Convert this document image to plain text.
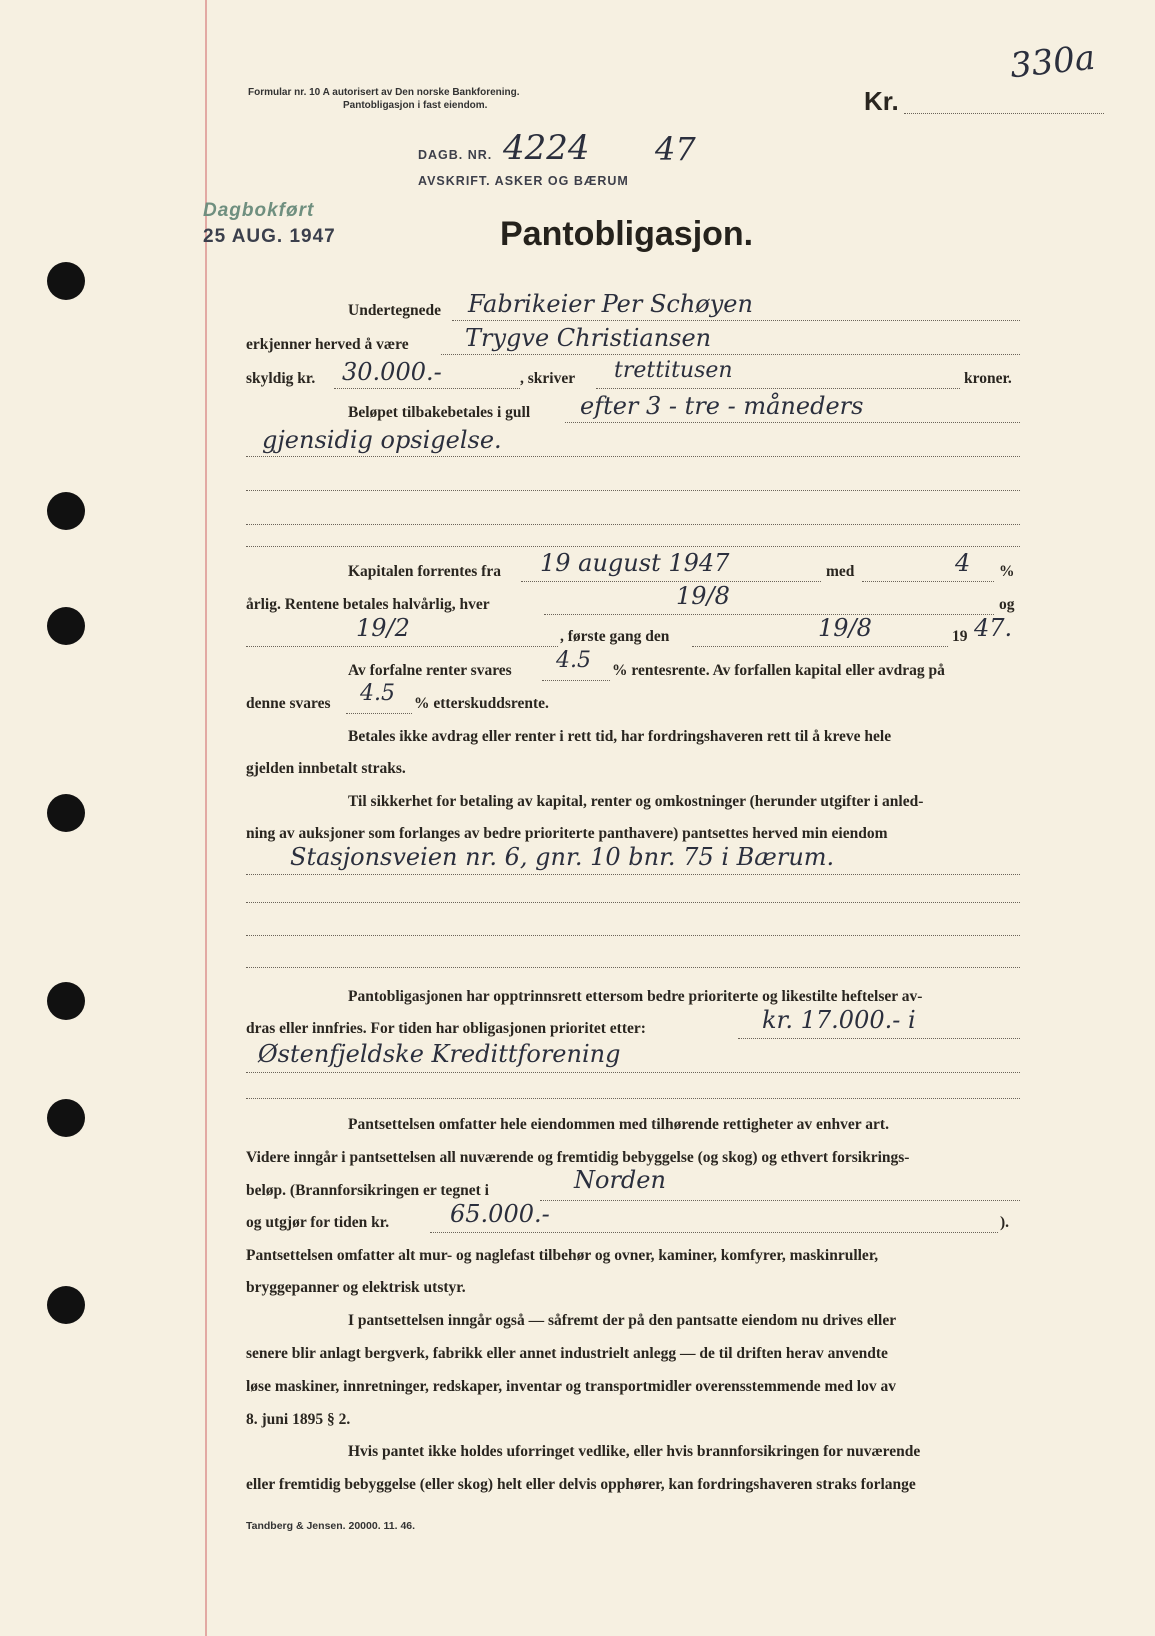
Formular nr. 10 A autorisert av Den norske Bankforening.
Pantobligasjon i fast eiendom.	Kr.
330a
DAGB. NR. 4224 47
AVSKRIFT. ASKER OG BÆRUM
Dagbokført
25 AUG. 1947	Pantobligasjon.
Undertegnede Fabrikeier Per Schøyen
erkjenner herved å være Trygve Christiansen
skyldig kr. 30.000.-	, skriver trettitusen	kroner.
Beløpet tilbakebetales i gull efter 3 - tre - måneders
gjensidig opsigelse.
Kapitalen forrentes fra 19 august 1947	med	4 %
årlig. Rentene betales halvårlig, hver	19/8	og
19/2	, første gang den	19/8	19 47.
Av forfalne renter svares 4.5 % rentesrente. Av forfallen kapital eller avdrag på
denne svares 4.5 % etterskuddsrente.
Betales ikke avdrag eller renter i rett tid, har fordringshaveren rett til å kreve hele
gjelden innbetalt straks.
Til sikkerhet for betaling av kapital, renter og omkostninger (herunder utgifter i anled-
ning av auksjoner som forlanges av bedre prioriterte panthavere) pantsettes herved min eiendom
Stasjonsveien nr. 6, gnr. 10 bnr. 75 i Bærum.
Pantobligasjonen har opptrinnsrett ettersom bedre prioriterte og likestilte heftelser av-
dras eller innfries. For tiden har obligasjonen prioritet etter:	kr. 17.000.- i
Østenfjeldske Kredittforening
Pantsettelsen omfatter hele eiendommen med tilhørende rettigheter av enhver art.
Videre inngår i pantsettelsen all nuværende og fremtidig bebyggelse (og skog) og ethvert forsikrings-
beløp. (Brannforsikringen er tegnet i	Norden
og utgjør for tiden kr.	65.000.-	).
Pantsettelsen omfatter alt mur- og naglefast tilbehør og ovner, kaminer, komfyrer, maskinruller,
bryggepanner og elektrisk utstyr.
I pantsettelsen inngår også — såfremt der på den pantsatte eiendom nu drives eller
senere blir anlagt bergverk, fabrikk eller annet industrielt anlegg — de til driften herav anvendte
løse maskiner, innretninger, redskaper, inventar og transportmidler overensstemmende med lov av
8. juni 1895 § 2.
Hvis pantet ikke holdes uforringet vedlike, eller hvis brannforsikringen for nuværende
eller fremtidig bebyggelse (eller skog) helt eller delvis opphører, kan fordringshaveren straks forlange
Tandberg & Jensen. 20000. 11. 46.
